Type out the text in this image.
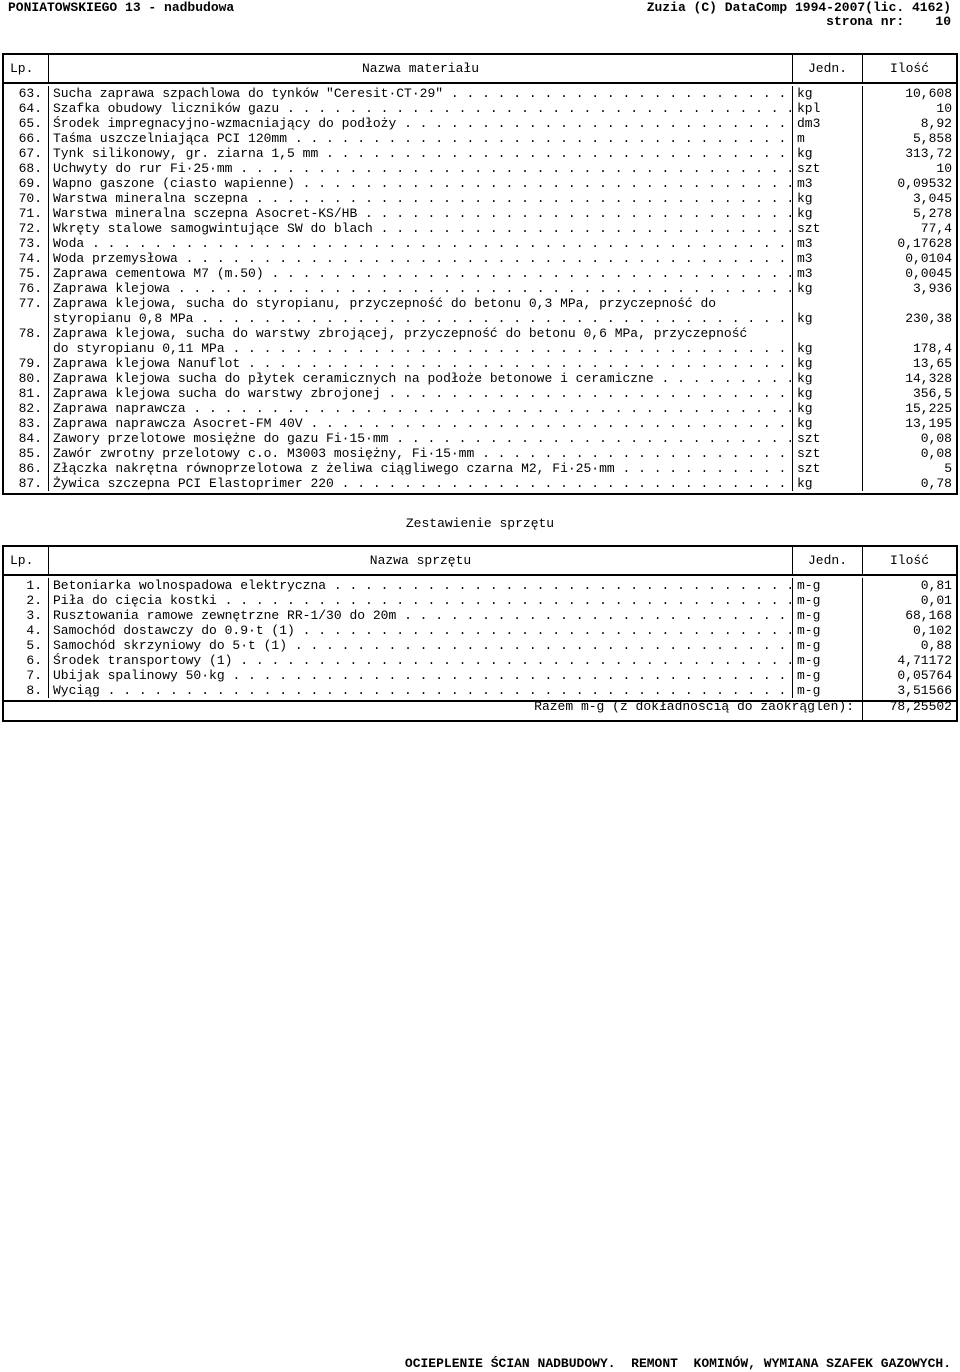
PONIATOWSKIEGO 13 - nadbudowa	Zuzia (C) DataComp 1994-2007(lic. 4162)
strona nr:    10
Lp.	Nazwa materiału	Jedn.	Ilość
63. Sucha zaprawa szpachlowa do tynków "Ceresit·CT·29" . . .	kg	10,608
64. Szafka obudowy liczników gazu . . .	kpl	10
65. Środek impregnacyjno-wzmacniający do podłoży . . .	dm3	8,92
66. Taśma uszczelniająca PCI 120mm . . .	m	5,858
67. Tynk silikonowy, gr. ziarna 1,5 mm . . .	kg	313,72
68. Uchwyty do rur Fi·25·mm . . .	szt	10
69. Wapno gaszone (ciasto wapienne) . . .	m3	0,09532
70. Warstwa mineralna sczepna . . .	kg	3,045
71. Warstwa mineralna sczepna Asocret-KS/HB . . .	kg	5,278
72. Wkręty stalowe samogwintujące SW do blach . . .	szt	77,4
73. Woda . . .	m3	0,17628
74. Woda przemysłowa . . .	m3	0,0104
75. Zaprawa cementowa M7 (m.50) . . .	m3	0,0045
76. Zaprawa klejowa . . .	kg	3,936
77. Zaprawa klejowa, sucha do styropianu, przyczepność do betonu 0,3 MPa, przyczepność do
styropianu 0,8 MPa . . .	kg	230,38
78. Zaprawa klejowa, sucha do warstwy zbrojącej, przyczepność do betonu 0,6 MPa, przyczepność
do styropianu 0,11 MPa . . .	kg	178,4
79. Zaprawa klejowa Nanuflot . . .	kg	13,65
80. Zaprawa klejowa sucha do płytek ceramicznych na podłoże betonowe i ceramiczne . . .	kg	14,328
81. Zaprawa klejowa sucha do warstwy zbrojonej . . .	kg	356,5
82. Zaprawa naprawcza . . .	kg	15,225
83. Zaprawa naprawcza Asocret-FM 40V . . .	kg	13,195
84. Zawory przelotowe mosiężne do gazu Fi·15·mm . . .	szt	0,08
85. Zawór zwrotny przelotowy c.o. M3003 mosiężny, Fi·15·mm . . .	szt	0,08
86. Złączka nakrętna równoprzelotowa z żeliwa ciągliwego czarna M2, Fi·25·mm . . .	szt	5
87. Żywica szczepna PCI Elastoprimer 220 . . .	kg	0,78
Zestawienie sprzętu
Lp.	Nazwa sprzętu	Jedn.	Ilość
1. Betoniarka wolnospadowa elektryczna . . .	m-g	0,81
2. Piła do cięcia kostki . . .	m-g	0,01
3. Rusztowania ramowe zewnętrzne RR-1/30 do 20m . . .	m-g	68,168
4. Samochód dostawczy do 0.9·t (1) . . .	m-g	0,102
5. Samochód skrzyniowy do 5·t (1) . . .	m-g	0,88
6. Środek transportowy (1) . . .	m-g	4,71172
7. Ubijak spalinowy 50·kg . . .	m-g	0,05764
8. Wyciąg . . .	m-g	3,51566
Razem m-g (z dokładnością do zaokrągleń):	78,25502
OCIEPLENIE ŚCIAN NADBUDOWY.  REMONT  KOMINÓW, WYMIANA SZAFEK GAZOWYCH.
